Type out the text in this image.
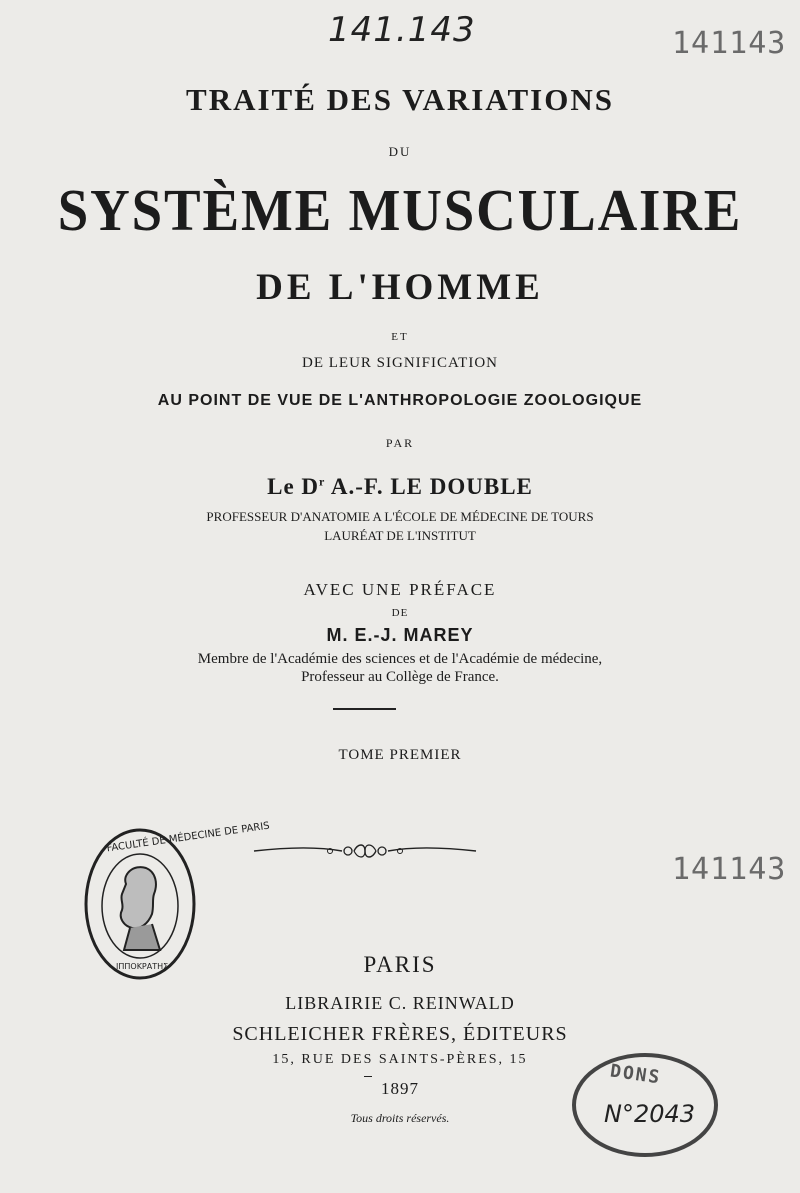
141.143	141143
TRAITÉ DES VARIATIONS
DU
SYSTÈME MUSCULAIRE
DE L'HOMME
ET
DE LEUR SIGNIFICATION
AU POINT DE VUE DE L'ANTHROPOLOGIE ZOOLOGIQUE
PAR
Le $D^r$ A.-F. LE DOUBLE
PROFESSEUR D'ANATOMIE A L'ÉCOLE DE MÉDECINE DE TOURS
LAURÉAT DE L'INSTITUT
AVEC UNE PRÉFACE
DE
M. E.-J. MAREY
Membre de l'Académie des sciences et de l'Académie de médecine,
Professeur au Collège de France.
TOME PREMIER
141143
FACULTÉ DE MÉDECINE DE PARIS
ΙΠΠΟΚΡΑΤΗΣ	PARIS
LIBRAIRIE C. REINWALD
SCHLEICHER FRÈRES, ÉDITEURS
15, RUE DES SAINTS-PÈRES, 15
1897
Tous droits réservés.
DONS
N°2043
